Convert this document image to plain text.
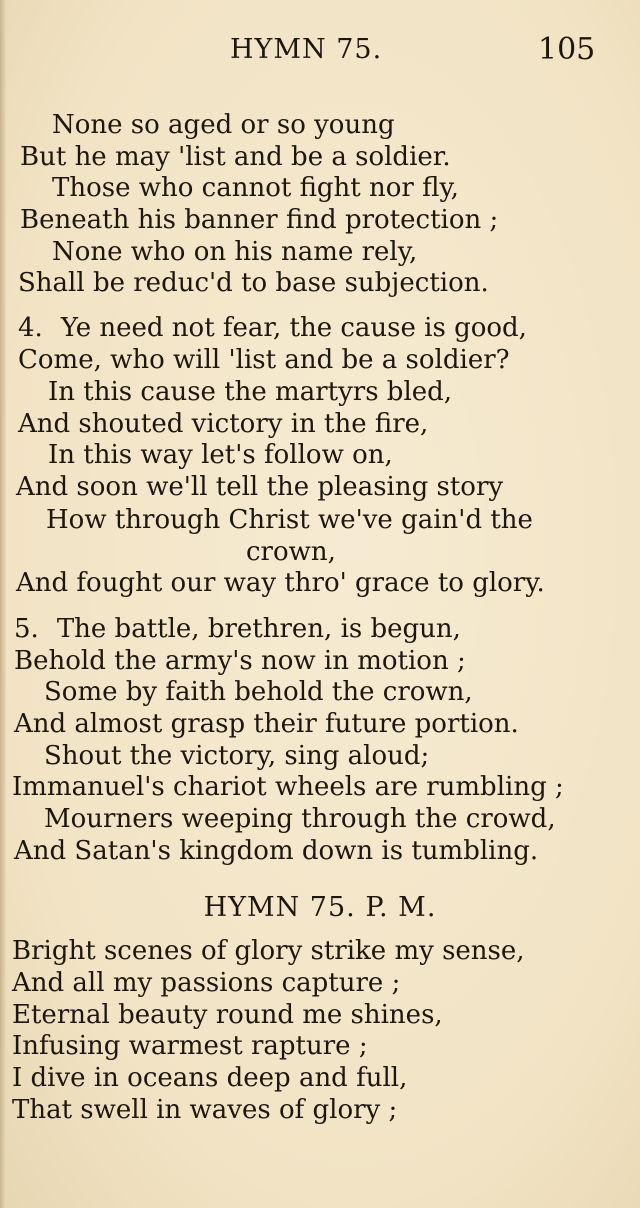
HYMN 75.	105
None so aged or so young
But he may 'list and be a soldier.
Those who cannot fight nor fly,
Beneath his banner find protection ;
None who on his name rely,
Shall be reduc'd to base subjection.
4. Ye need not fear, the cause is good,
Come, who will 'list and be a soldier?
In this cause the martyrs bled,
And shouted victory in the fire,
In this way let's follow on,
And soon we'll tell the pleasing story
How through Christ we've gain'd the
crown,
And fought our way thro' grace to glory.
5. The battle, brethren, is begun,
Behold the army's now in motion ;
Some by faith behold the crown,
And almost grasp their future portion.
Shout the victory, sing aloud;
Immanuel's chariot wheels are rumbling ;
Mourners weeping through the crowd,
And Satan's kingdom down is tumbling.
HYMN 75. P. M.
Bright scenes of glory strike my sense,
And all my passions capture ;
Eternal beauty round me shines,
Infusing warmest rapture ;
I dive in oceans deep and full,
That swell in waves of glory ;
